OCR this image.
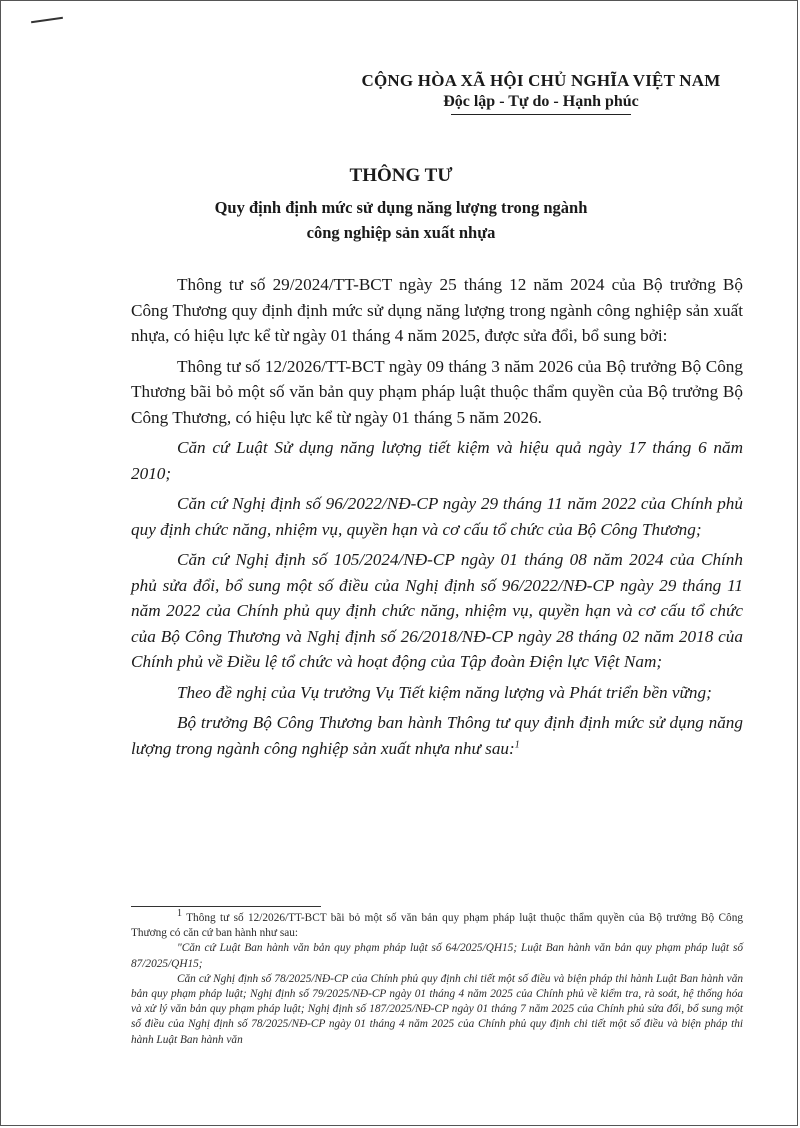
CỘNG HÒA XÃ HỘI CHỦ NGHĨA VIỆT NAM
Độc lập - Tự do - Hạnh phúc
THÔNG TƯ
Quy định định mức sử dụng năng lượng trong ngành
công nghiệp sản xuất nhựa

Thông tư số 29/2024/TT-BCT ngày 25 tháng 12 năm 2024 của Bộ trưởng Bộ Công Thương quy định định mức sử dụng năng lượng trong ngành công nghiệp sản xuất nhựa, có hiệu lực kể từ ngày 01 tháng 4 năm 2025, được sửa đổi, bổ sung bởi:

Thông tư số 12/2026/TT-BCT ngày 09 tháng 3 năm 2026 của Bộ trưởng Bộ Công Thương bãi bỏ một số văn bản quy phạm pháp luật thuộc thẩm quyền của Bộ trưởng Bộ Công Thương, có hiệu lực kể từ ngày 01 tháng 5 năm 2026.

Căn cứ Luật Sử dụng năng lượng tiết kiệm và hiệu quả ngày 17 tháng 6 năm 2010;

Căn cứ Nghị định số 96/2022/NĐ-CP ngày 29 tháng 11 năm 2022 của Chính phủ quy định chức năng, nhiệm vụ, quyền hạn và cơ cấu tổ chức của Bộ Công Thương;

Căn cứ Nghị định số 105/2024/NĐ-CP ngày 01 tháng 08 năm 2024 của Chính phủ sửa đổi, bổ sung một số điều của Nghị định số 96/2022/NĐ-CP ngày 29 tháng 11 năm 2022 của Chính phủ quy định chức năng, nhiệm vụ, quyền hạn và cơ cấu tổ chức của Bộ Công Thương và Nghị định số 26/2018/NĐ-CP ngày 28 tháng 02 năm 2018 của Chính phủ về Điều lệ tổ chức và hoạt động của Tập đoàn Điện lực Việt Nam;

Theo đề nghị của Vụ trưởng Vụ Tiết kiệm năng lượng và Phát triển bền vững;

Bộ trưởng Bộ Công Thương ban hành Thông tư quy định định mức sử dụng năng lượng trong ngành công nghiệp sản xuất nhựa như sau:$^1$

$^1$ Thông tư số 12/2026/TT-BCT bãi bỏ một số văn bản quy phạm pháp luật thuộc thẩm quyền của Bộ trưởng Bộ Công Thương có căn cứ ban hành như sau:

"Căn cứ Luật Ban hành văn bản quy phạm pháp luật số 64/2025/QH15; Luật Ban hành văn bản quy phạm pháp luật số 87/2025/QH15;

Căn cứ Nghị định số 78/2025/NĐ-CP của Chính phủ quy định chi tiết một số điều và biện pháp thi hành Luật Ban hành văn bản quy phạm pháp luật; Nghị định số 79/2025/NĐ-CP ngày 01 tháng 4 năm 2025 của Chính phủ về kiểm tra, rà soát, hệ thống hóa và xử lý văn bản quy phạm pháp luật; Nghị định số 187/2025/NĐ-CP ngày 01 tháng 7 năm 2025 của Chính phủ sửa đổi, bổ sung một số điều của Nghị định số 78/2025/NĐ-CP ngày 01 tháng 4 năm 2025 của Chính phủ quy định chi tiết một số điều và biện pháp thi hành Luật Ban hành văn
